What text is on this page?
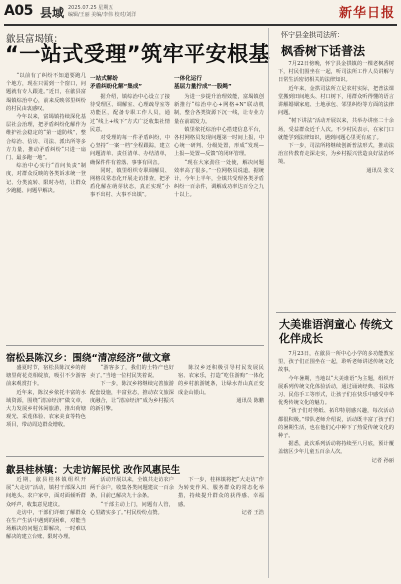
A05 县域 2025.07.25 星期五
编辑/王丽 美编/李伟 校对/刘洋	新华日报
歙县富堨镇：
“一站式受理”筑牢平安根基

“以前有了纠纷不知道要跑几个地方，现在只需到一个窗口，问题就有专人跟进。”近日，在歙县富堨镇综治中心，前来反映邻里纠纷的村民由衷感叹。

今年以来，富堨镇持续深化基层社会治理，把矛盾纠纷化解作为维护社会稳定的“第一道防线”，整合综治、信访、司法、派出所等多方力量，推动矛盾纠纷“只进一扇门、最多跑一地”。

综治中心实行“首问负责”制度，对群众反映的各类诉求统一登记、分类流转、限时办结，让群众少跑腿、问题早解决。

一站式解纷
矛盾纠纷化解“集成”

据介绍，镇综治中心设立了接待受理区、调解室、心理疏导室等功能区，配备专职工作人员，通过“线上+线下”方式广泛收集社情民意。

对受理的每一件矛盾纠纷，中心坚持“一案一档”全程跟踪，建立问题清单、责任清单、办结清单，确保件件有着落、事事有回音。

同时，镇里组织专职调解员、网格员常态化开展走访排查，把矛盾化解在萌芽状态，真正实现“小事不出村、大事不出镇”。

一体化运行
基层力量拧成“一股绳”

为进一步提升治理效能，富堨镇创新推行“综治中心+网格+N”联动机制，整合各类资源下沉一线，让专业力量在前端发力。

镇里依托综治中心搭建信息平台，各村网格员发现问题第一时间上报，中心统一研判、分级处置，形成“发现—上报—处置—反馈”的闭环管理。

“现在大家劲往一处使，解决问题效率高了很多。”一位网格员说道。据统计，今年上半年，全镇共受理各类矛盾纠纷一百余件，调解成功率达百分之九十以上。

怀宁县金拱司法所：
枫香树下话普法

7月22日傍晚，怀宁县金拱镇的一棵老枫香树下，村民们围坐在一起，听司法所工作人员讲解与日常生活密切相关的法律知识。

近年来，金拱司法所立足农村实际，把普法课堂搬到田间地头、村口树下，用群众听得懂的语言讲解婚姻家庭、土地承包、邻里纠纷等方面的法律问题。

“树下讲法”活动开展以来，共举办讲座二十余场，受益群众近千人次。不少村民表示，在家门口就能学到法律知识，遇到问题心里更有底了。

下一步，司法所将继续创新普法形式，推动法治宣传教育走深走实，为乡村振兴营造良好法治环境。

通讯员 张文
大美谁语润童心 传统文化伴成长

7月23日，在歙县一所中心小学的多功能教室里，孩子们正围坐在一起，聆听老师讲述传统文化故事。

今年暑期，当地以“大美谁语”为主题，组织开展系列传统文化体验活动，通过诵读经典、书法练习、民俗手工等形式，让孩子们在快乐中感受中华优秀传统文化的魅力。

“孩子们对剪纸、拓印特别感兴趣，每次活动都很积极。”带队老师介绍说，活动既丰富了孩子们的暑期生活，也在他们心中种下了热爱传统文化的种子。

据悉，此次系列活动将持续至八月底，预计覆盖辖区少年儿童五百余人次。

记者 孙丽
宿松县陈汉乡：围绕“清凉经济”做文章

盛夏时节，宿松县陈汉乡的荷塘里荷花竞相绽放，吸引不少游客前来观赏打卡。

近年来，陈汉乡依托丰富的水域资源，围绕“清凉经济”做文章，大力发展乡村休闲旅游，推出荷塘观光、采莲体验、农家美食等特色项目，带动周边群众增收。

“游客多了，我们的土特产也好卖了。”当地一位村民笑着说。

下一步，陈汉乡将继续完善旅游配套设施，丰富业态，推动农文旅深度融合，让“清凉经济”成为乡村振兴的新引擎。

陈汉乡还积极引导村民发展民宿、农家乐，打造“吃住游购”一体化的乡村旅游链条，让绿水青山真正变成金山银山。

通讯员 陈鹏
歙县桂林镇：大走访解民忧 改作风惠民生

近期，歙县桂林镇组织开展“大走访”活动，镇村干部深入田间地头、农户家中，面对面倾听群众呼声，收集意见建议。

走访中，干部们详细了解群众在生产生活中遇到的困难，对能当场解决的问题立即解决，一时难以解决的建立台账、限时办理。

活动开展以来，全镇共走访农户两千余户，收集各类问题建议一百余条，目前已解决九十余条。

“干部主动上门，问题有人管，心里踏实多了。”村民纷纷点赞。

下一步，桂林镇将把“大走访”作为转变作风、服务群众的常态化举措，持续提升群众的获得感、幸福感。

记者 王浩
